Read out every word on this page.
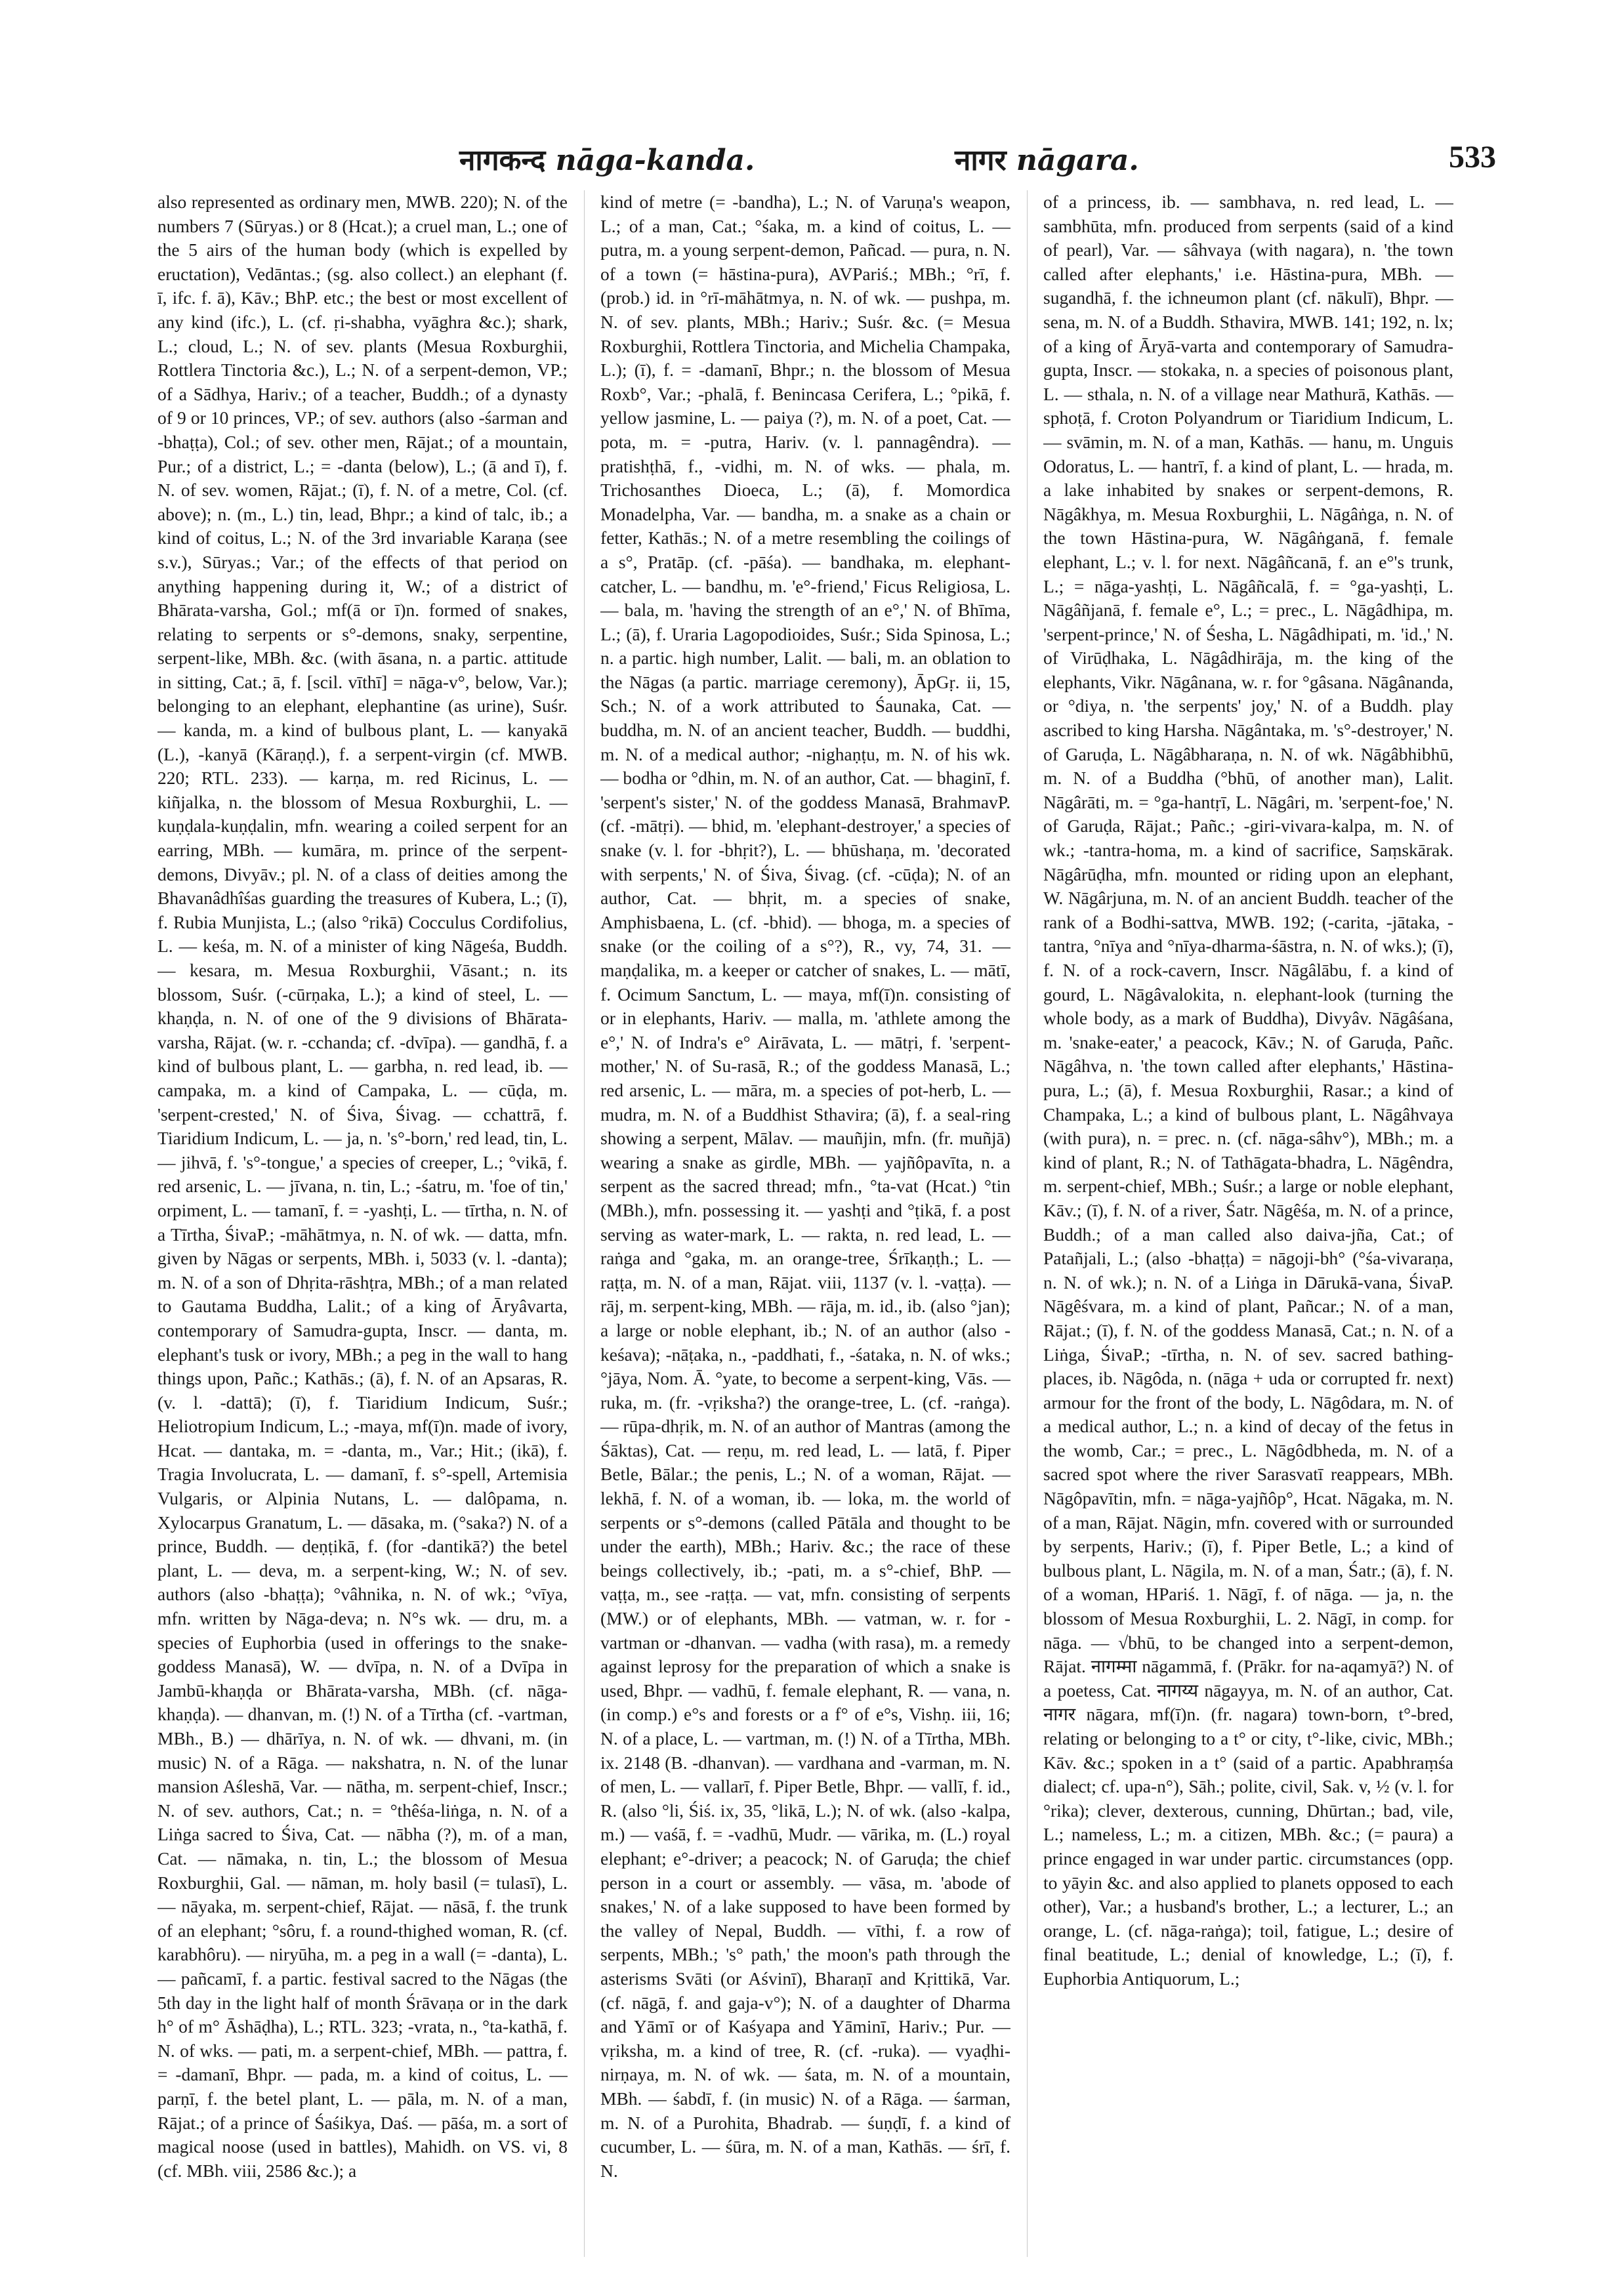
नागकन्द nāga-kanda.	नागर nāgara.	533

also represented as ordinary men, MWB. 220); N. of the numbers 7 (Sūryas.) or 8 (Hcat.); a cruel man, L.; one of the 5 airs of the human body (which is expelled by eructation), Vedāntas.; (sg. also collect.) an elephant (f. ī, ifc. f. ā), Kāv.; BhP. etc.; the best or most excellent of any kind (ifc.), L. (cf. ṛi-shabha, vyāghra &c.); shark, L.; cloud, L.; N. of sev. plants (Mesua Roxburghii, Rottlera Tinctoria &c.), L.; N. of a serpent-demon, VP.; of a Sādhya, Hariv.; of a teacher, Buddh.; of a dynasty of 9 or 10 princes, VP.; of sev. authors (also -śarman and -bhaṭṭa), Col.; of sev. other men, Rājat.; of a mountain, Pur.; of a district, L.; = -danta (below), L.; (ā and ī), f. N. of sev. women, Rājat.; (ī), f. N. of a metre, Col. (cf. above); n. (m., L.) tin, lead, Bhpr.; a kind of talc, ib.; a kind of coitus, L.; N. of the 3rd invariable Karaṇa (see s.v.), Sūryas.; Var.; of the effects of that period on anything happening during it, W.; of a district of Bhārata-varsha, Gol.; mf(ā or ī)n. formed of snakes, relating to serpents or s°-demons, snaky, serpentine, serpent-like, MBh. &c. (with āsana, n. a partic. attitude in sitting, Cat.; ā, f. [scil. vīthī] = nāga-v°, below, Var.); belonging to an elephant, elephantine (as urine), Suśr. — kanda, m. a kind of bulbous plant, L. — kanyakā (L.), -kanyā (Kāraṇḍ.), f. a serpent-virgin (cf. MWB. 220; RTL. 233). — karṇa, m. red Ricinus, L. — kiñjalka, n. the blossom of Mesua Roxburghii, L. — kuṇḍala-kuṇḍalin, mfn. wearing a coiled serpent for an earring, MBh. — kumāra, m. prince of the serpent-demons, Divyāv.; pl. N. of a class of deities among the Bhavanâdhîśas guarding the treasures of Kubera, L.; (ī), f. Rubia Munjista, L.; (also °rikā) Cocculus Cordifolius, L. — keśa, m. N. of a minister of king Nāgeśa, Buddh. — kesara, m. Mesua Roxburghii, Vāsant.; n. its blossom, Suśr. (-cūrṇaka, L.); a kind of steel, L. — khaṇḍa, n. N. of one of the 9 divisions of Bhārata-varsha, Rājat. (w. r. -cchanda; cf. -dvīpa). — gandhā, f. a kind of bulbous plant, L. — garbha, n. red lead, ib. — campaka, m. a kind of Campaka, L. — cūḍa, m. 'serpent-crested,' N. of Śiva, Śivag. — cchattrā, f. Tiaridium Indicum, L. — ja, n. 's°-born,' red lead, tin, L. — jihvā, f. 's°-tongue,' a species of creeper, L.; °vikā, f. red arsenic, L. — jīvana, n. tin, L.; -śatru, m. 'foe of tin,' orpiment, L. — tamanī, f. = -yashṭi, L. — tīrtha, n. N. of a Tīrtha, ŚivaP.; -māhātmya, n. N. of wk. — datta, mfn. given by Nāgas or serpents, MBh. i, 5033 (v. l. -danta); m. N. of a son of Dhṛita-rāshṭra, MBh.; of a man related to Gautama Buddha, Lalit.; of a king of Āryâvarta, contemporary of Samudra-gupta, Inscr. — danta, m. elephant's tusk or ivory, MBh.; a peg in the wall to hang things upon, Pañc.; Kathās.; (ā), f. N. of an Apsaras, R. (v. l. -dattā); (ī), f. Tiaridium Indicum, Suśr.; Heliotropium Indicum, L.; -maya, mf(ī)n. made of ivory, Hcat. — dantaka, m. = -danta, m., Var.; Hit.; (ikā), f. Tragia Involucrata, L. — damanī, f. s°-spell, Artemisia Vulgaris, or Alpinia Nutans, L. — dalôpama, n. Xylocarpus Granatum, L. — dāsaka, m. (°saka?) N. of a prince, Buddh. — deṇṭikā, f. (for -dantikā?) the betel plant, L. — deva, m. a serpent-king, W.; N. of sev. authors (also -bhaṭṭa); °vâhnika, n. N. of wk.; °vīya, mfn. written by Nāga-deva; n. N°s wk. — dru, m. a species of Euphorbia (used in offerings to the snake-goddess Manasā), W. — dvīpa, n. N. of a Dvīpa in Jambū-khaṇḍa or Bhārata-varsha, MBh. (cf. nāga-khaṇḍa). — dhanvan, m. (!) N. of a Tīrtha (cf. -vartman, MBh., B.) — dhārīya, n. N. of wk. — dhvani, m. (in music) N. of a Rāga. — nakshatra, n. N. of the lunar mansion Aśleshā, Var. — nātha, m. serpent-chief, Inscr.; N. of sev. authors, Cat.; n. = °thêśa-liṅga, n. N. of a Liṅga sacred to Śiva, Cat. — nābha (?), m. of a man, Cat. — nāmaka, n. tin, L.; the blossom of Mesua Roxburghii, Gal. — nāman, m. holy basil (= tulasī), L. — nāyaka, m. serpent-chief, Rājat. — nāsā, f. the trunk of an elephant; °sôru, f. a round-thighed woman, R. (cf. karabhôru). — niryūha, m. a peg in a wall (= -danta), L. — pañcamī, f. a partic. festival sacred to the Nāgas (the 5th day in the light half of month Śrāvaṇa or in the dark h° of m° Āshāḍha), L.; RTL. 323; -vrata, n., °ta-kathā, f. N. of wks. — pati, m. a serpent-chief, MBh. — pattra, f. = -damanī, Bhpr. — pada, m. a kind of coitus, L. — parṇī, f. the betel plant, L. — pāla, m. N. of a man, Rājat.; of a prince of Śaśikya, Daś. — pāśa, m. a sort of magical noose (used in battles), Mahidh. on VS. vi, 8 (cf. MBh. viii, 2586 &c.); a

kind of metre (= -bandha), L.; N. of Varuṇa's weapon, L.; of a man, Cat.; °śaka, m. a kind of coitus, L. — putra, m. a young serpent-demon, Pañcad. — pura, n. N. of a town (= hāstina-pura), AVPariś.; MBh.; °rī, f. (prob.) id. in °rī-māhātmya, n. N. of wk. — pushpa, m. N. of sev. plants, MBh.; Hariv.; Suśr. &c. (= Mesua Roxburghii, Rottlera Tinctoria, and Michelia Champaka, L.); (ī), f. = -damanī, Bhpr.; n. the blossom of Mesua Roxb°, Var.; -phalā, f. Benincasa Cerifera, L.; °pikā, f. yellow jasmine, L. — paiya (?), m. N. of a poet, Cat. — pota, m. = -putra, Hariv. (v. l. pannagêndra). — pratishṭhā, f., -vidhi, m. N. of wks. — phala, m. Trichosanthes Dioeca, L.; (ā), f. Momordica Monadelpha, Var. — bandha, m. a snake as a chain or fetter, Kathās.; N. of a metre resembling the coilings of a s°, Pratāp. (cf. -pāśa). — bandhaka, m. elephant-catcher, L. — bandhu, m. 'e°-friend,' Ficus Religiosa, L. — bala, m. 'having the strength of an e°,' N. of Bhīma, L.; (ā), f. Uraria Lagopodioides, Suśr.; Sida Spinosa, L.; n. a partic. high number, Lalit. — bali, m. an oblation to the Nāgas (a partic. marriage ceremony), ĀpGṛ. ii, 15, Sch.; N. of a work attributed to Śaunaka, Cat. — buddha, m. N. of an ancient teacher, Buddh. — buddhi, m. N. of a medical author; -nighaṇṭu, m. N. of his wk. — bodha or °dhin, m. N. of an author, Cat. — bhaginī, f. 'serpent's sister,' N. of the goddess Manasā, BrahmavP. (cf. -mātṛi). — bhid, m. 'elephant-destroyer,' a species of snake (v. l. for -bhṛit?), L. — bhūshaṇa, m. 'decorated with serpents,' N. of Śiva, Śivag. (cf. -cūḍa); N. of an author, Cat. — bhṛit, m. a species of snake, Amphisbaena, L. (cf. -bhid). — bhoga, m. a species of snake (or the coiling of a s°?), R., vy, 74, 31. — maṇḍalika, m. a keeper or catcher of snakes, L. — mātī, f. Ocimum Sanctum, L. — maya, mf(ī)n. consisting of or in elephants, Hariv. — malla, m. 'athlete among the e°,' N. of Indra's e° Airāvata, L. — mātṛi, f. 'serpent-mother,' N. of Su-rasā, R.; of the goddess Manasā, L.; red arsenic, L. — māra, m. a species of pot-herb, L. — mudra, m. N. of a Buddhist Sthavira; (ā), f. a seal-ring showing a serpent, Mālav. — mauñjin, mfn. (fr. muñjā) wearing a snake as girdle, MBh. — yajñôpavīta, n. a serpent as the sacred thread; mfn., °ta-vat (Hcat.) °tin (MBh.), mfn. possessing it. — yashṭi and °ṭikā, f. a post serving as water-mark, L. — rakta, n. red lead, L. — raṅga and °gaka, m. an orange-tree, Śrīkaṇṭh.; L. — raṭṭa, m. N. of a man, Rājat. viii, 1137 (v. l. -vaṭṭa). — rāj, m. serpent-king, MBh. — rāja, m. id., ib. (also °jan); a large or noble elephant, ib.; N. of an author (also -keśava); -nāṭaka, n., -paddhati, f., -śataka, n. N. of wks.; °jāya, Nom. Ā. °yate, to become a serpent-king, Vās. — ruka, m. (fr. -vṛiksha?) the orange-tree, L. (cf. -raṅga). — rūpa-dhṛik, m. N. of an author of Mantras (among the Śāktas), Cat. — reṇu, m. red lead, L. — latā, f. Piper Betle, Bālar.; the penis, L.; N. of a woman, Rājat. — lekhā, f. N. of a woman, ib. — loka, m. the world of serpents or s°-demons (called Pātāla and thought to be under the earth), MBh.; Hariv. &c.; the race of these beings collectively, ib.; -pati, m. a s°-chief, BhP. — vaṭṭa, m., see -raṭṭa. — vat, mfn. consisting of serpents (MW.) or of elephants, MBh. — vatman, w. r. for -vartman or -dhanvan. — vadha (with rasa), m. a remedy against leprosy for the preparation of which a snake is used, Bhpr. — vadhū, f. female elephant, R. — vana, n. (in comp.) e°s and forests or a f° of e°s, Vishṇ. iii, 16; N. of a place, L. — vartman, m. (!) N. of a Tīrtha, MBh. ix. 2148 (B. -dhanvan). — vardhana and -varman, m. N. of men, L. — vallarī, f. Piper Betle, Bhpr. — vallī, f. id., R. (also °li, Śiś. ix, 35, °likā, L.); N. of wk. (also -kalpa, m.) — vaśā, f. = -vadhū, Mudr. — vārika, m. (L.) royal elephant; e°-driver; a peacock; N. of Garuḍa; the chief person in a court or assembly. — vāsa, m. 'abode of snakes,' N. of a lake supposed to have been formed by the valley of Nepal, Buddh. — vīthi, f. a row of serpents, MBh.; 's° path,' the moon's path through the asterisms Svāti (or Aśvinī), Bharaṇī and Kṛittikā, Var. (cf. nāgā, f. and gaja-v°); N. of a daughter of Dharma and Yāmī or of Kaśyapa and Yāminī, Hariv.; Pur. — vṛiksha, m. a kind of tree, R. (cf. -ruka). — vyaḍhi-nirṇaya, m. N. of wk. — śata, m. N. of a mountain, MBh. — śabdī, f. (in music) N. of a Rāga. — śarman, m. N. of a Purohita, Bhadrab. — śuṇḍī, f. a kind of cucumber, L. — śūra, m. N. of a man, Kathās. — śrī, f. N.

of a princess, ib. — sambhava, n. red lead, L. — sambhūta, mfn. produced from serpents (said of a kind of pearl), Var. — sâhvaya (with nagara), n. 'the town called after elephants,' i.e. Hāstina-pura, MBh. — sugandhā, f. the ichneumon plant (cf. nākulī), Bhpr. — sena, m. N. of a Buddh. Sthavira, MWB. 141; 192, n. lx; of a king of Āryā-varta and contemporary of Samudra-gupta, Inscr. — stokaka, n. a species of poisonous plant, L. — sthala, n. N. of a village near Mathurā, Kathās. — sphoṭā, f. Croton Polyandrum or Tiaridium Indicum, L. — svāmin, m. N. of a man, Kathās. — hanu, m. Unguis Odoratus, L. — hantrī, f. a kind of plant, L. — hrada, m. a lake inhabited by snakes or serpent-demons, R. Nāgâkhya, m. Mesua Roxburghii, L. Nāgâṅga, n. N. of the town Hāstina-pura, W. Nāgâṅganā, f. female elephant, L.; v. l. for next. Nāgâñcanā, f. an e°'s trunk, L.; = nāga-yashṭi, L. Nāgâñcalā, f. = °ga-yashṭi, L. Nāgâñjanā, f. female e°, L.; = prec., L. Nāgâdhipa, m. 'serpent-prince,' N. of Śesha, L. Nāgâdhipati, m. 'id.,' N. of Virūḍhaka, L. Nāgâdhirāja, m. the king of the elephants, Vikr. Nāgânana, w. r. for °gâsana. Nāgânanda, or °diya, n. 'the serpents' joy,' N. of a Buddh. play ascribed to king Harsha. Nāgântaka, m. 's°-destroyer,' N. of Garuḍa, L. Nāgâbharaṇa, n. N. of wk. Nāgâbhibhū, m. N. of a Buddha (°bhū, of another man), Lalit. Nāgârāti, m. = °ga-hantṛī, L. Nāgâri, m. 'serpent-foe,' N. of Garuḍa, Rājat.; Pañc.; -giri-vivara-kalpa, m. N. of wk.; -tantra-homa, m. a kind of sacrifice, Saṃskārak. Nāgârūḍha, mfn. mounted or riding upon an elephant, W. Nāgârjuna, m. N. of an ancient Buddh. teacher of the rank of a Bodhi-sattva, MWB. 192; (-carita, -jātaka, -tantra, °nīya and °nīya-dharma-śāstra, n. N. of wks.); (ī), f. N. of a rock-cavern, Inscr. Nāgâlābu, f. a kind of gourd, L. Nāgâvalokita, n. elephant-look (turning the whole body, as a mark of Buddha), Divyâv. Nāgâśana, m. 'snake-eater,' a peacock, Kāv.; N. of Garuḍa, Pañc. Nāgâhva, n. 'the town called after elephants,' Hāstina-pura, L.; (ā), f. Mesua Roxburghii, Rasar.; a kind of Champaka, L.; a kind of bulbous plant, L. Nāgâhvaya (with pura), n. = prec. n. (cf. nāga-sâhv°), MBh.; m. a kind of plant, R.; N. of Tathāgata-bhadra, L. Nāgêndra, m. serpent-chief, MBh.; Suśr.; a large or noble elephant, Kāv.; (ī), f. N. of a river, Śatr. Nāgêśa, m. N. of a prince, Buddh.; of a man called also daiva-jña, Cat.; of Patañjali, L.; (also -bhaṭṭa) = nāgoji-bh° (°śa-vivaraṇa, n. N. of wk.); n. N. of a Liṅga in Dārukā-vana, ŚivaP. Nāgêśvara, m. a kind of plant, Pañcar.; N. of a man, Rājat.; (ī), f. N. of the goddess Manasā, Cat.; n. N. of a Liṅga, ŚivaP.; -tīrtha, n. N. of sev. sacred bathing-places, ib. Nāgôda, n. (nāga + uda or corrupted fr. next) armour for the front of the body, L. Nāgôdara, m. N. of a medical author, L.; n. a kind of decay of the fetus in the womb, Car.; = prec., L. Nāgôdbheda, m. N. of a sacred spot where the river Sarasvatī reappears, MBh. Nāgôpavītin, mfn. = nāga-yajñôp°, Hcat. Nāgaka, m. N. of a man, Rājat. Nāgin, mfn. covered with or surrounded by serpents, Hariv.; (ī), f. Piper Betle, L.; a kind of bulbous plant, L. Nāgila, m. N. of a man, Śatr.; (ā), f. N. of a woman, HPariś. 1. Nāgī, f. of nāga. — ja, n. the blossom of Mesua Roxburghii, L. 2. Nāgī, in comp. for nāga. — √bhū, to be changed into a serpent-demon, Rājat. नागम्मा nāgammā, f. (Prākr. for na-aqamyā?) N. of a poetess, Cat. नागय्य nāgayya, m. N. of an author, Cat. नागर nāgara, mf(ī)n. (fr. nagara) town-born, t°-bred, relating or belonging to a t° or city, t°-like, civic, MBh.; Kāv. &c.; spoken in a t° (said of a partic. Apabhraṃśa dialect; cf. upa-n°), Sāh.; polite, civil, Sak. v, ½ (v. l. for °rika); clever, dexterous, cunning, Dhūrtan.; bad, vile, L.; nameless, L.; m. a citizen, MBh. &c.; (= paura) a prince engaged in war under partic. circumstances (opp. to yāyin &c. and also applied to planets opposed to each other), Var.; a husband's brother, L.; a lecturer, L.; an orange, L. (cf. nāga-raṅga); toil, fatigue, L.; desire of final beatitude, L.; denial of knowledge, L.; (ī), f. Euphorbia Antiquorum, L.;
